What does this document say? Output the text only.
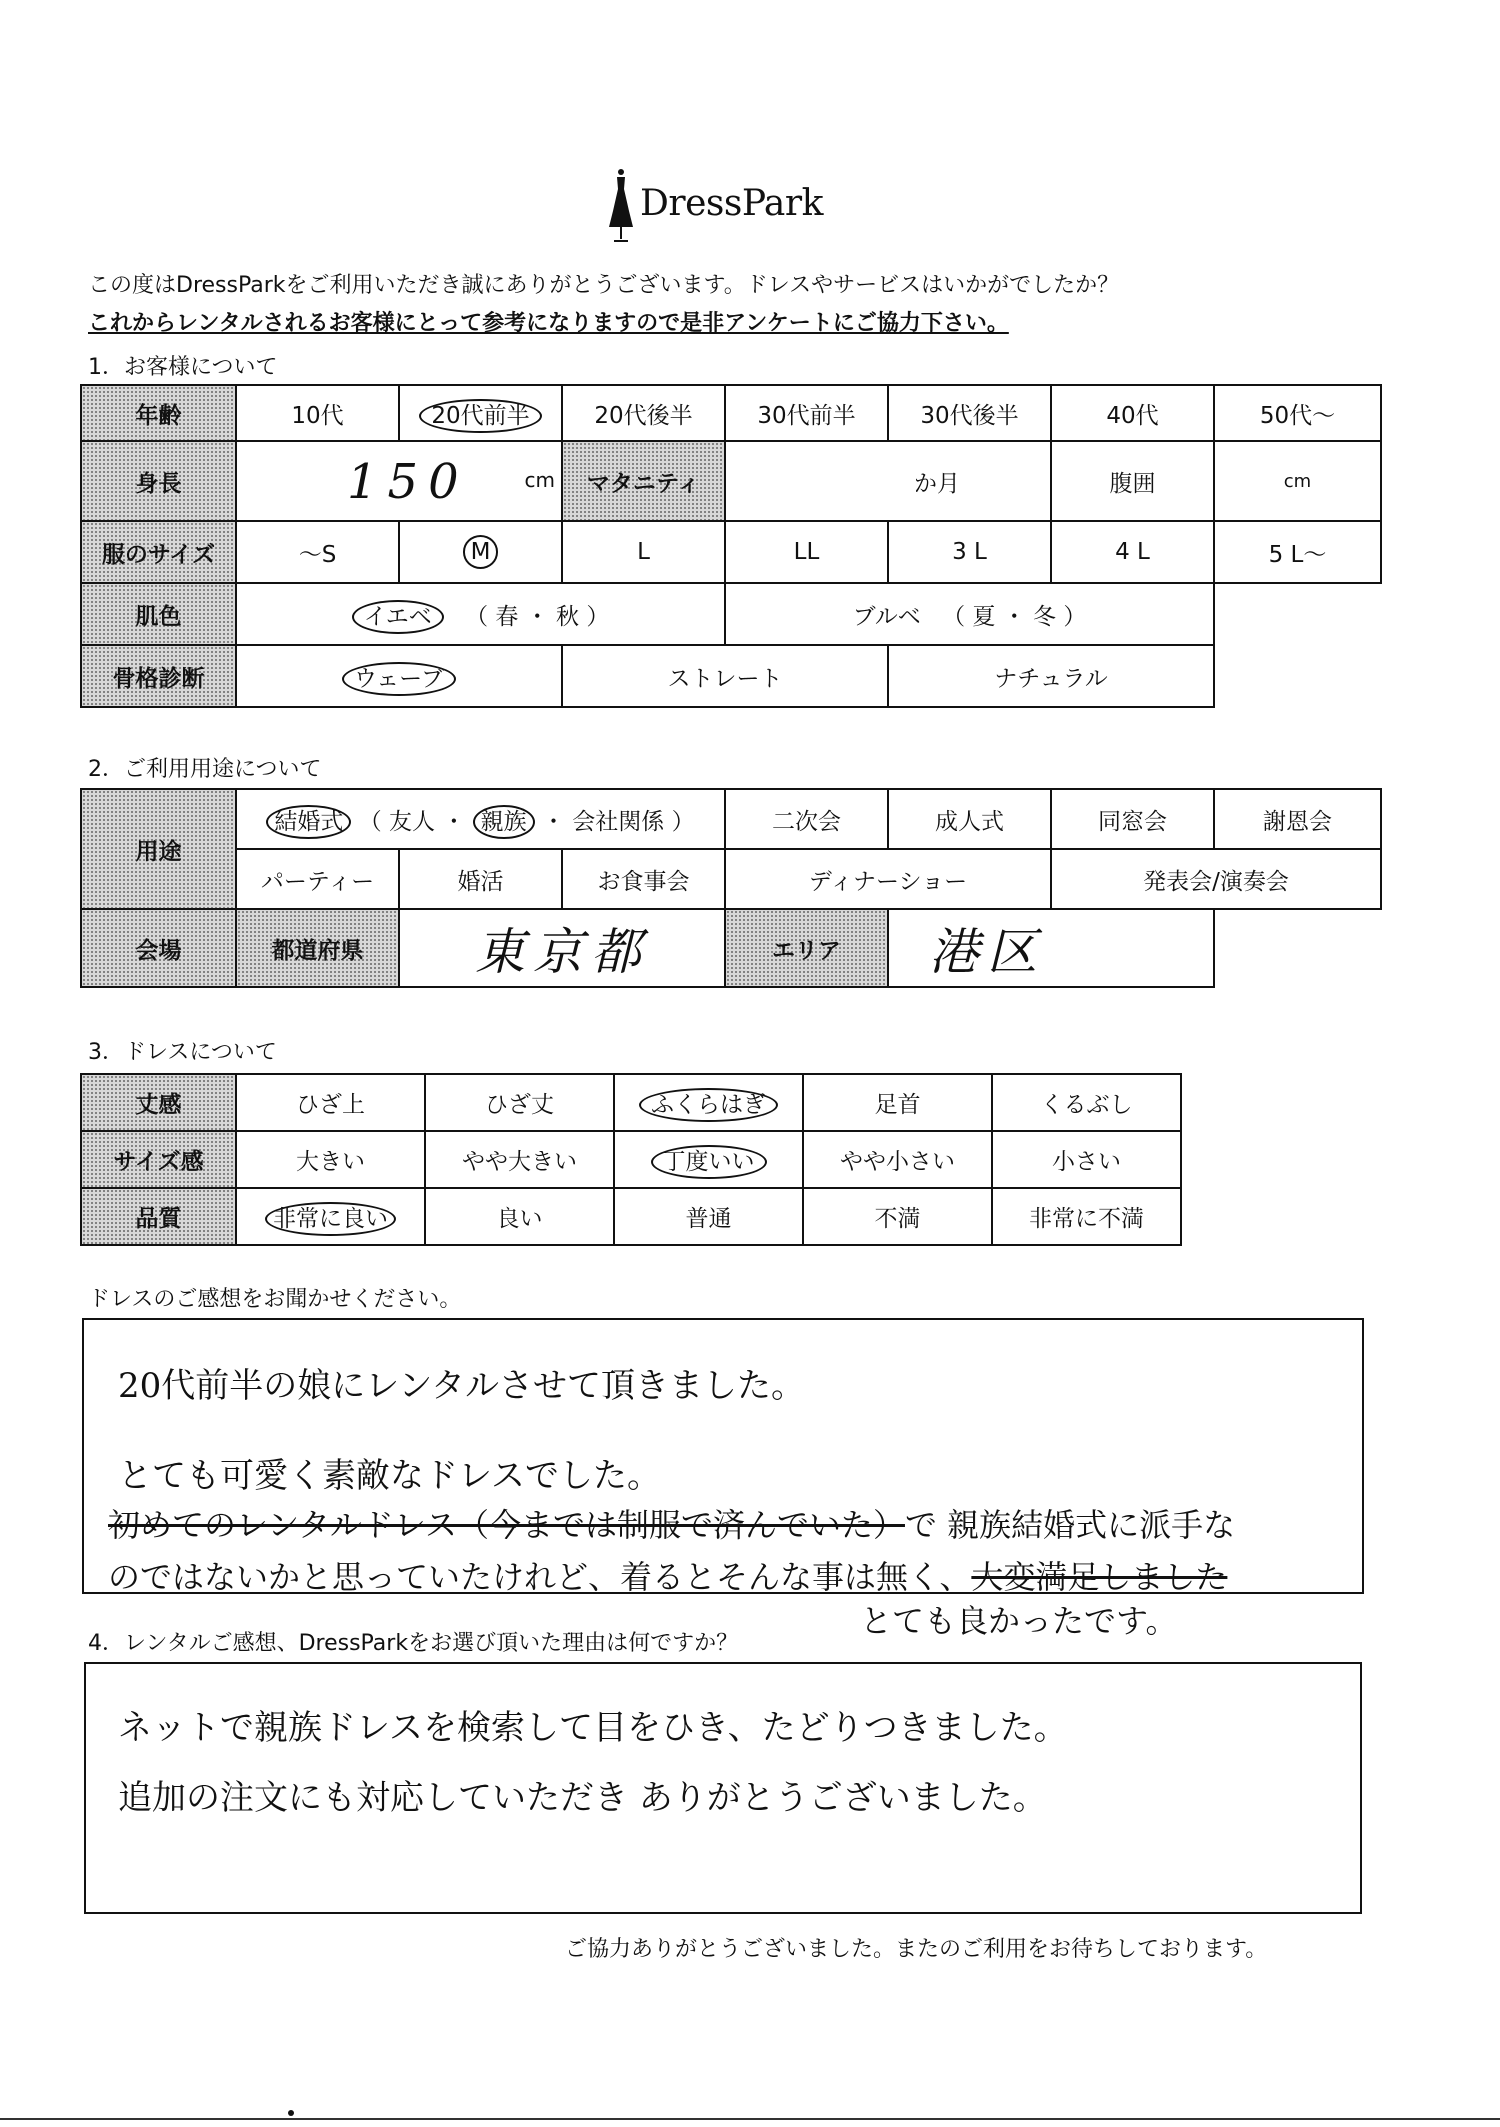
DressPark
この度はDressParkをご利用いただき誠にありがとうございます。ドレスやサービスはいかがでしたか？
これからレンタルされるお客様にとって参考になりますので是非アンケートにご協力下さい。
1．お客様について
年齢	10代	20代前半	20代後半	30代前半	30代後半	40代	50代～
身長	150 cm		マタニティ	か月		腹囲	cm
服のサイズ	～S	M	L	LL	3 L	4 L	5 L～
肌色	イエベ （ 春 ・ 秋 ）			ブルベ （ 夏 ・ 冬 ）			
骨格診断	ウェーブ		ストレート		ナチュラル		
2．ご利用用途について
用途	結婚式 （ 友人 ・ 親族 ・ 会社関係 ）			二次会	成人式	同窓会	謝恩会
	パーティー	婚活	お食事会	ディナーショー		発表会/演奏会	
会場	都道府県	東京都		エリア	港区		
3．ドレスについて
丈感	ひざ上	ひざ丈	ふくらはぎ	足首	くるぶし
サイズ感	大きい	やや大きい	丁度いい	やや小さい	小さい
品質	非常に良い	良い	普通	不満	非常に不満
ドレスのご感想をお聞かせください。
20代前半の娘にレンタルさせて頂きました。
とても可愛く素敵なドレスでした。
初めてのレンタルドレス（今までは制服で済んでいた）で 親族結婚式に派手な
のではないかと思っていたけれど、着るとそんな事は無く、大変満足しました
とても良かったです。
4．レンタルご感想、DressParkをお選び頂いた理由は何ですか？
ネットで親族ドレスを検索して目をひき、たどりつきました。
追加の注文にも対応していただき ありがとうございました。
ご協力ありがとうございました。またのご利用をお待ちしております。
